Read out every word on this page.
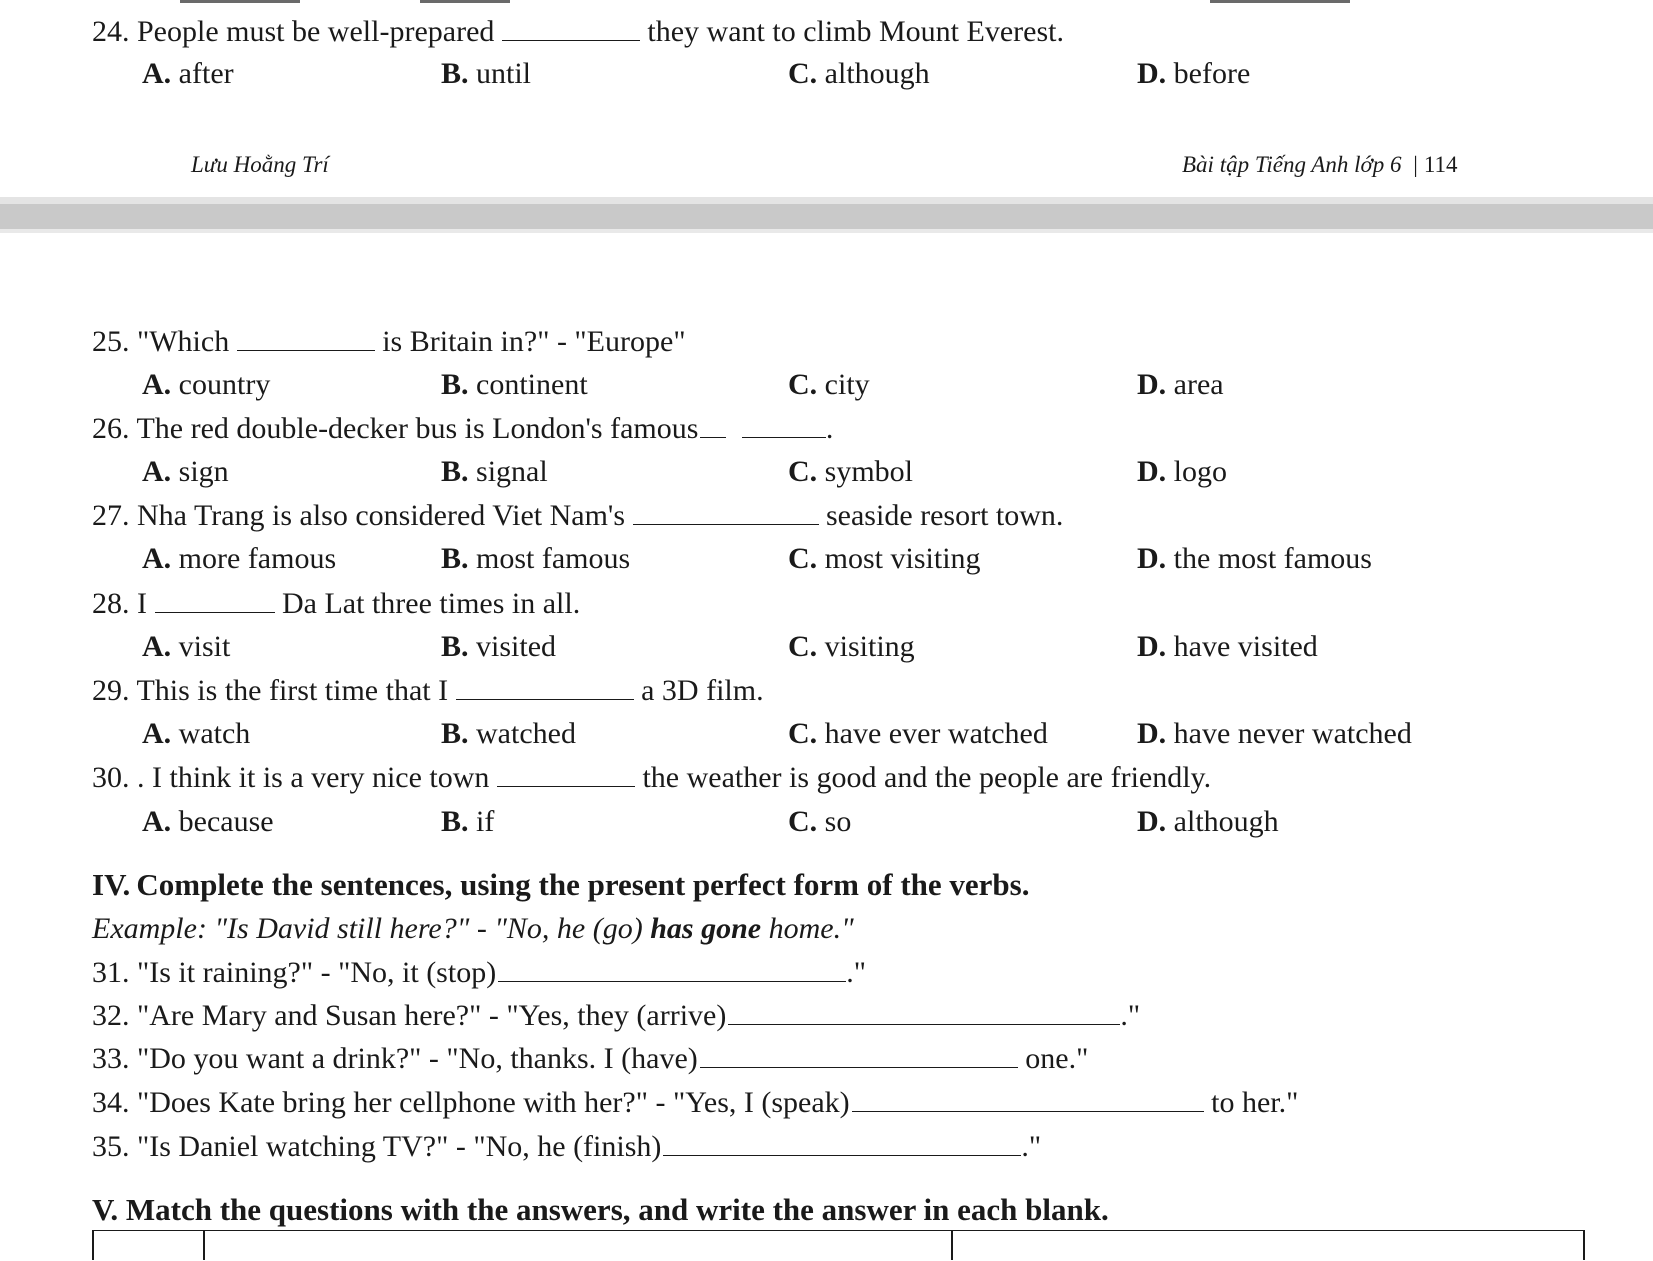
24. People must be well-prepared	they want to climb Mount Everest.
A. after	B. until	C. although	D. before
Lưu Hoằng Trí	Bài tập Tiếng Anh lớp 6 | 114
25. "Which	is Britain in?" - "Europe"
A. country	B. continent	C. city	D. area
26. The red double-decker bus is London's famous	.
A. sign	B. signal	C. symbol	D. logo
27. Nha Trang is also considered Viet Nam's	seaside resort town.
A. more famous	B. most famous	C. most visiting	D. the most famous
28. I	Da Lat three times in all.
A. visit	B. visited	C. visiting	D. have visited
29. This is the first time that I	a 3D film.
A. watch	B. watched	C. have ever watched	D. have never watched
30. . I think it is a very nice town	the weather is good and the people are friendly.
A. because	B. if	C. so	D. although
IV. Complete the sentences, using the present perfect form of the verbs.
Example: "Is David still here?" - "No, he (go) has gone home."
31. "Is it raining?" - "No, it (stop)	."
32. "Are Mary and Susan here?" - "Yes, they (arrive)	."
33. "Do you want a drink?" - "No, thanks. I (have)	one."
34. "Does Kate bring her cellphone with her?" - "Yes, I (speak)	to her."
35. "Is Daniel watching TV?" - "No, he (finish)	."
V. Match the questions with the answers, and write the answer in each blank.
